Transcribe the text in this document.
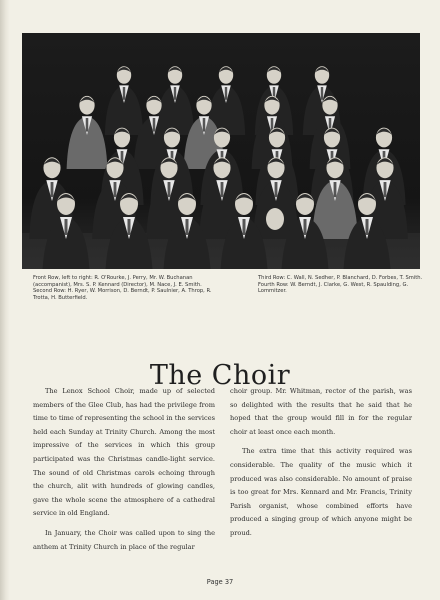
Front Row, left to right: R. O'Rourke, J. Perry, Mr. W. Buchanan (accompanist), Mrs. S. P. Kennard (Director), M. Nace, J. E. Smith.
Second Row: H. Ryer, W. Morrison, D. Berndt, P. Saulnier, A. Throp, R. Trotta, H. Butterfield.

Third Row: C. Wall, N. Sedher, P. Blanchard, D. Forbes, T. Smith.
Fourth Row: W. Berndt, J. Clarke, G. West, R. Spaulding, G. Lommitzer.

The Choir

The Lenox School Choir, made up of selected members of the Glee Club, has had the privilege from time to time of representing the school in the services held each Sunday at Trinity Church. Among the most impressive of the services in which this group participated was the Christmas candle-light service. The sound of old Christmas carols echoing through the church, alit with hundreds of glowing candles, gave the whole scene the atmosphere of a cathedral service in old England.

In January, the Choir was called upon to sing the anthem at Trinity Church in place of the regular

choir group. Mr. Whitman, rector of the parish, was so delighted with the results that he said that he hoped that the group would fill in for the regular choir at least once each month.

The extra time that this activity required was considerable. The quality of the music which it produced was also considerable. No amount of praise is too great for Mrs. Kennard and Mr. Francis, Trinity Parish organist, whose combined efforts have produced a singing group of which anyone might be proud.

Page 37
